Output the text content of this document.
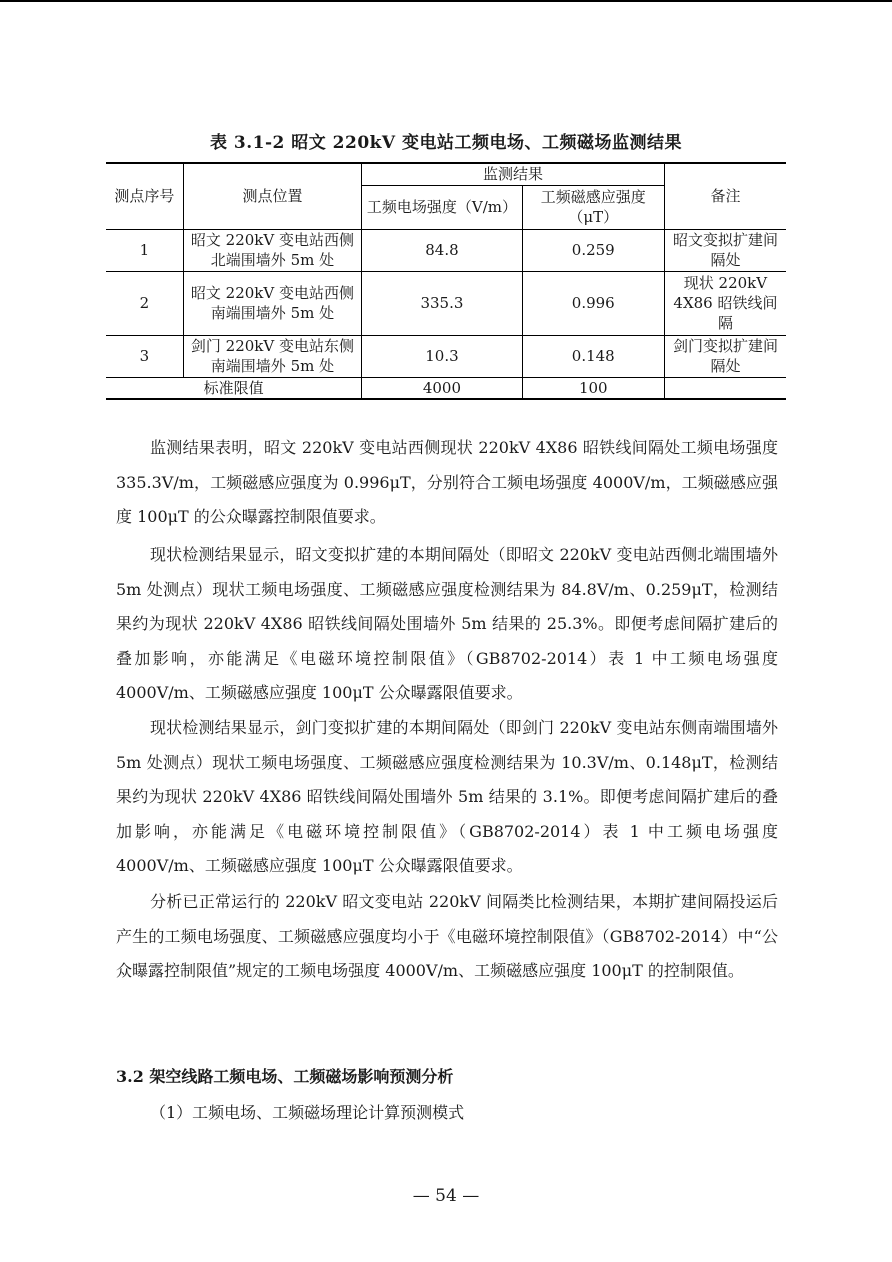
表 3.1-2 昭文 220kV 变电站工频电场、工频磁场监测结果
测点序号	测点位置	监测结果		备注
		工频电场强度（V/m）	工频磁感应强度（μT）	
1	昭文 220kV 变电站西侧北端围墙外 5m 处	84.8	0.259	昭文变拟扩建间隔处
2	昭文 220kV 变电站西侧南端围墙外 5m 处	335.3	0.996	现状 220kV 4X86 昭铁线间隔
3	剑门 220kV 变电站东侧南端围墙外 5m 处	10.3	0.148	剑门变拟扩建间隔处
标准限值		4000	100	

监测结果表明，昭文 220kV 变电站西侧现状 220kV 4X86 昭铁线间隔处工频电场强度 335.3V/m，工频磁感应强度为 0.996μT，分别符合工频电场强度 4000V/m，工频磁感应强度 100μT 的公众曝露控制限值要求。

现状检测结果显示，昭文变拟扩建的本期间隔处（即昭文 220kV 变电站西侧北端围墙外 5m 处测点）现状工频电场强度、工频磁感应强度检测结果为 84.8V/m、0.259μT，检测结果约为现状 220kV 4X86 昭铁线间隔处围墙外 5m 结果的 25.3%。即便考虑间隔扩建后的叠加影响，亦能满足《电磁环境控制限值》（GB8702-2014）表 1 中工频电场强度 4000V/m、工频磁感应强度 100μT 公众曝露限值要求。

现状检测结果显示，剑门变拟扩建的本期间隔处（即剑门 220kV 变电站东侧南端围墙外 5m 处测点）现状工频电场强度、工频磁感应强度检测结果为 10.3V/m、0.148μT，检测结果约为现状 220kV 4X86 昭铁线间隔处围墙外 5m 结果的 3.1%。即便考虑间隔扩建后的叠加影响，亦能满足《电磁环境控制限值》（GB8702-2014）表 1 中工频电场强度 4000V/m、工频磁感应强度 100μT 公众曝露限值要求。

分析已正常运行的 220kV 昭文变电站 220kV 间隔类比检测结果，本期扩建间隔投运后产生的工频电场强度、工频磁感应强度均小于《电磁环境控制限值》（GB8702-2014）中“公众曝露控制限值”规定的工频电场强度 4000V/m、工频磁感应强度 100μT 的控制限值。

3.2 架空线路工频电场、工频磁场影响预测分析
（1）工频电场、工频磁场理论计算预测模式
— 54 —
